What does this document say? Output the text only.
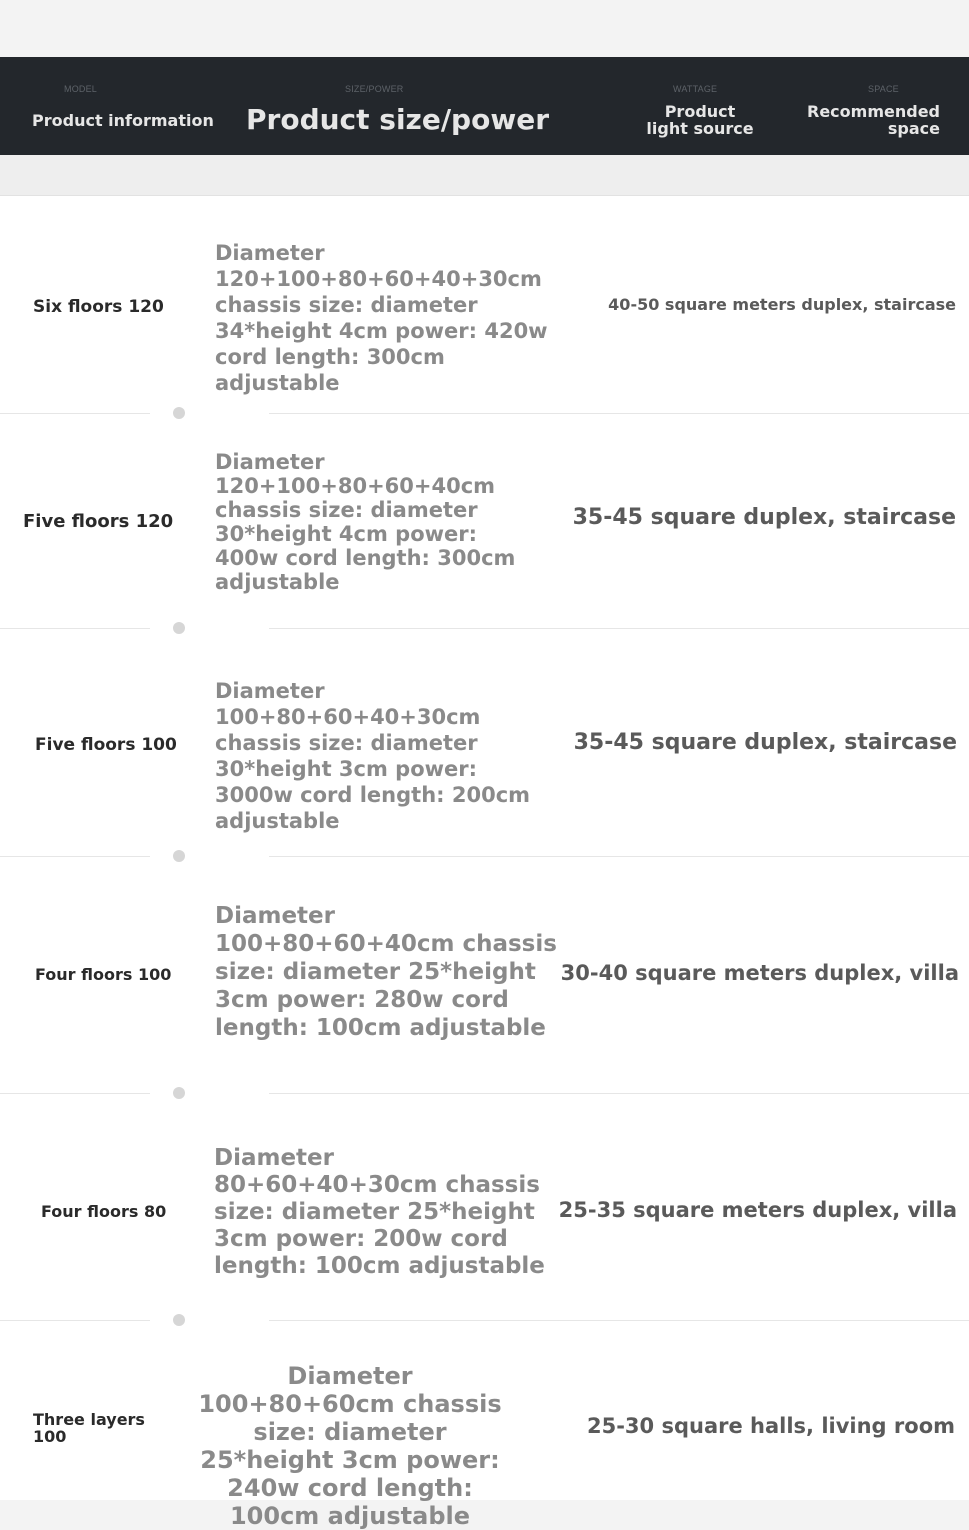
MODEL
Product information
SIZE/POWER
Product size/power
WATTAGE
Product light source
SPACE
Recommended space
Six floors 120
Diameter 120+100+80+60+40+30cm chassis size: diameter 34*height 4cm power: 420w cord length: 300cm adjustable
40-50 square meters duplex, staircase
Five floors 120
Diameter 120+100+80+60+40cm chassis size: diameter 30*height 4cm power: 400w cord length: 300cm adjustable
35-45 square duplex, staircase
Five floors 100
Diameter 100+80+60+40+30cm chassis size: diameter 30*height 3cm power: 3000w cord length: 200cm adjustable
35-45 square duplex, staircase
Four floors 100
Diameter 100+80+60+40cm chassis size: diameter 25*height 3cm power: 280w cord length: 100cm adjustable
30-40 square meters duplex, villa
Four floors 80
Diameter 80+60+40+30cm chassis size: diameter 25*height 3cm power: 200w cord length: 100cm adjustable
25-35 square meters duplex, villa
Three layers 100
Diameter 100+80+60cm chassis size: diameter 25*height 3cm power: 240w cord length: 100cm adjustable
25-30 square halls, living room
